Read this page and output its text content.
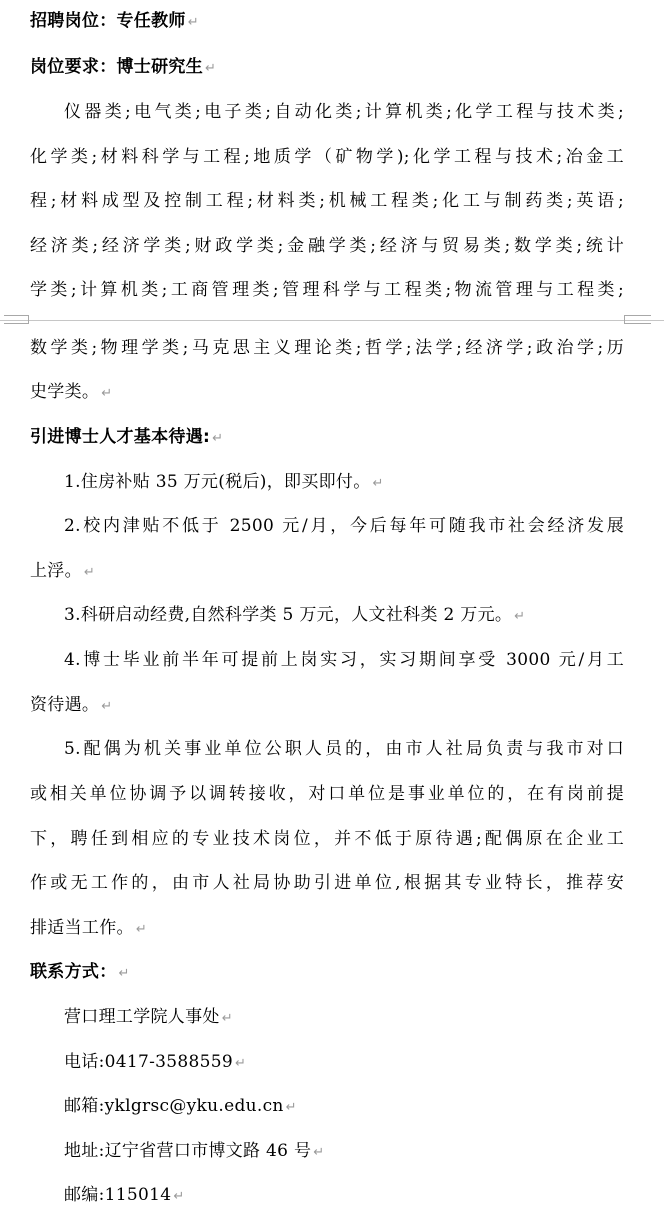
招聘岗位：专任教师 ↵
岗位要求：博士研究生 ↵
仪器类;电气类;电子类;自动化类;计算机类;化学工程与技术类;
化学类;材料科学与工程;地质学（矿物学);化学工程与技术;冶金工
程;材料成型及控制工程;材料类;机械工程类;化工与制药类;英语;
经济类;经济学类;财政学类;金融学类;经济与贸易类;数学类;统计
学类;计算机类;工商管理类;管理科学与工程类;物流管理与工程类;
数学类;物理学类;马克思主义理论类;哲学;法学;经济学;政治学;历
史学类。 ↵
引进博士人才基本待遇: ↵
1.住房补贴 35 万元(税后)，即买即付。 ↵
2.校内津贴不低于 2500 元/月，今后每年可随我市社会经济发展
上浮。 ↵
3.科研启动经费,自然科学类 5 万元，人文社科类 2 万元。 ↵
4.博士毕业前半年可提前上岗实习，实习期间享受 3000 元/月工
资待遇。 ↵
5.配偶为机关事业单位公职人员的，由市人社局负责与我市对口
或相关单位协调予以调转接收，对口单位是事业单位的，在有岗前提
下，聘任到相应的专业技术岗位，并不低于原待遇;配偶原在企业工
作或无工作的，由市人社局协助引进单位,根据其专业特长，推荐安
排适当工作。 ↵
联系方式： ↵
营口理工学院人事处 ↵
电话:0417-3588559 ↵
邮箱:yklgrsc@yku.edu.cn ↵
地址:辽宁省营口市博文路 46 号 ↵
邮编:115014 ↵
